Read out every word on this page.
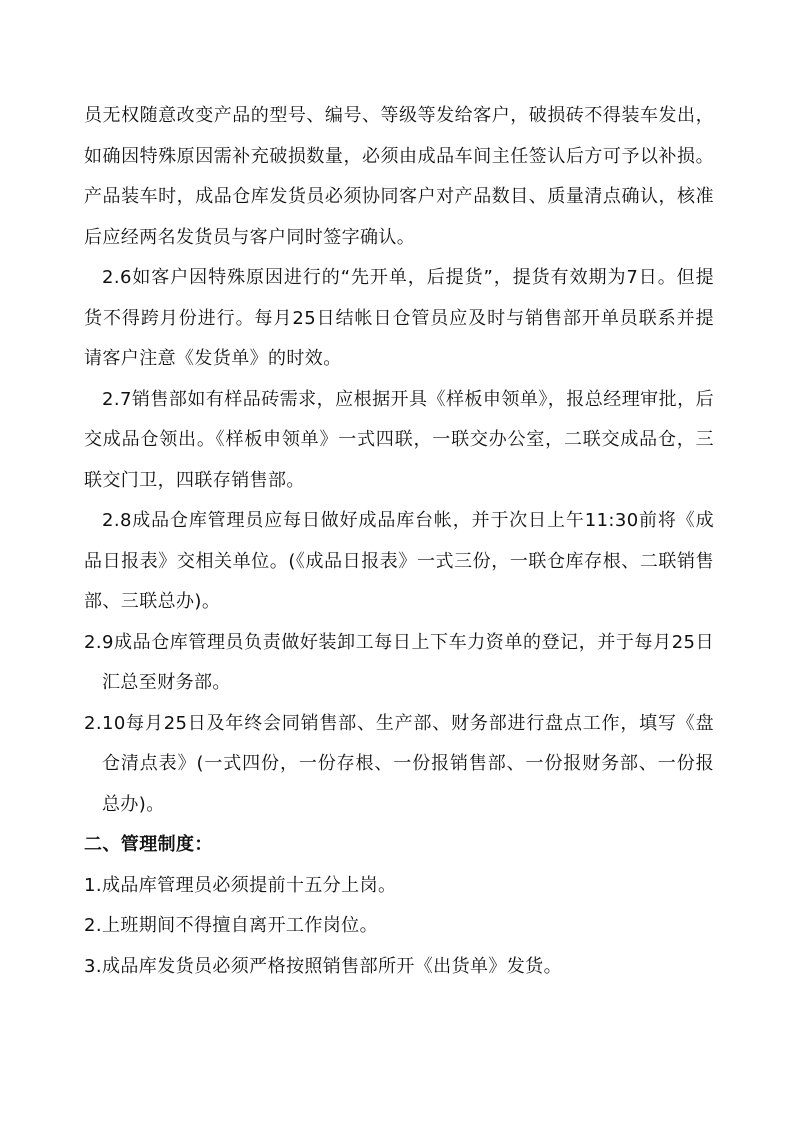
员无权随意改变产品的型号、编号、等级等发给客户，破损砖不得装车发出，如确因特殊原因需补充破损数量，必须由成品车间主任签认后方可予以补损。产品装车时，成品仓库发货员必须协同客户对产品数目、质量清点确认，核准后应经两名发货员与客户同时签字确认。
2.6如客户因特殊原因进行的“先开单，后提货”，提货有效期为7日。但提货不得跨月份进行。每月25日结帐日仓管员应及时与销售部开单员联系并提请客户注意《发货单》的时效。
2.7销售部如有样品砖需求，应根据开具《样板申领单》，报总经理审批，后交成品仓领出。《样板申领单》一式四联，一联交办公室，二联交成品仓，三联交门卫，四联存销售部。
2.8成品仓库管理员应每日做好成品库台帐，并于次日上午11:30前将《成品日报表》交相关单位。(《成品日报表》一式三份，一联仓库存根、二联销售部、三联总办)。
2.9成品仓库管理员负责做好装卸工每日上下车力资单的登记，并于每月25日汇总至财务部。
2.10每月25日及年终会同销售部、生产部、财务部进行盘点工作，填写《盘仓清点表》(一式四份，一份存根、一份报销售部、一份报财务部、一份报总办)。
二、管理制度：
1.成品库管理员必须提前十五分上岗。
2.上班期间不得擅自离开工作岗位。
3.成品库发货员必须严格按照销售部所开《出货单》发货。
